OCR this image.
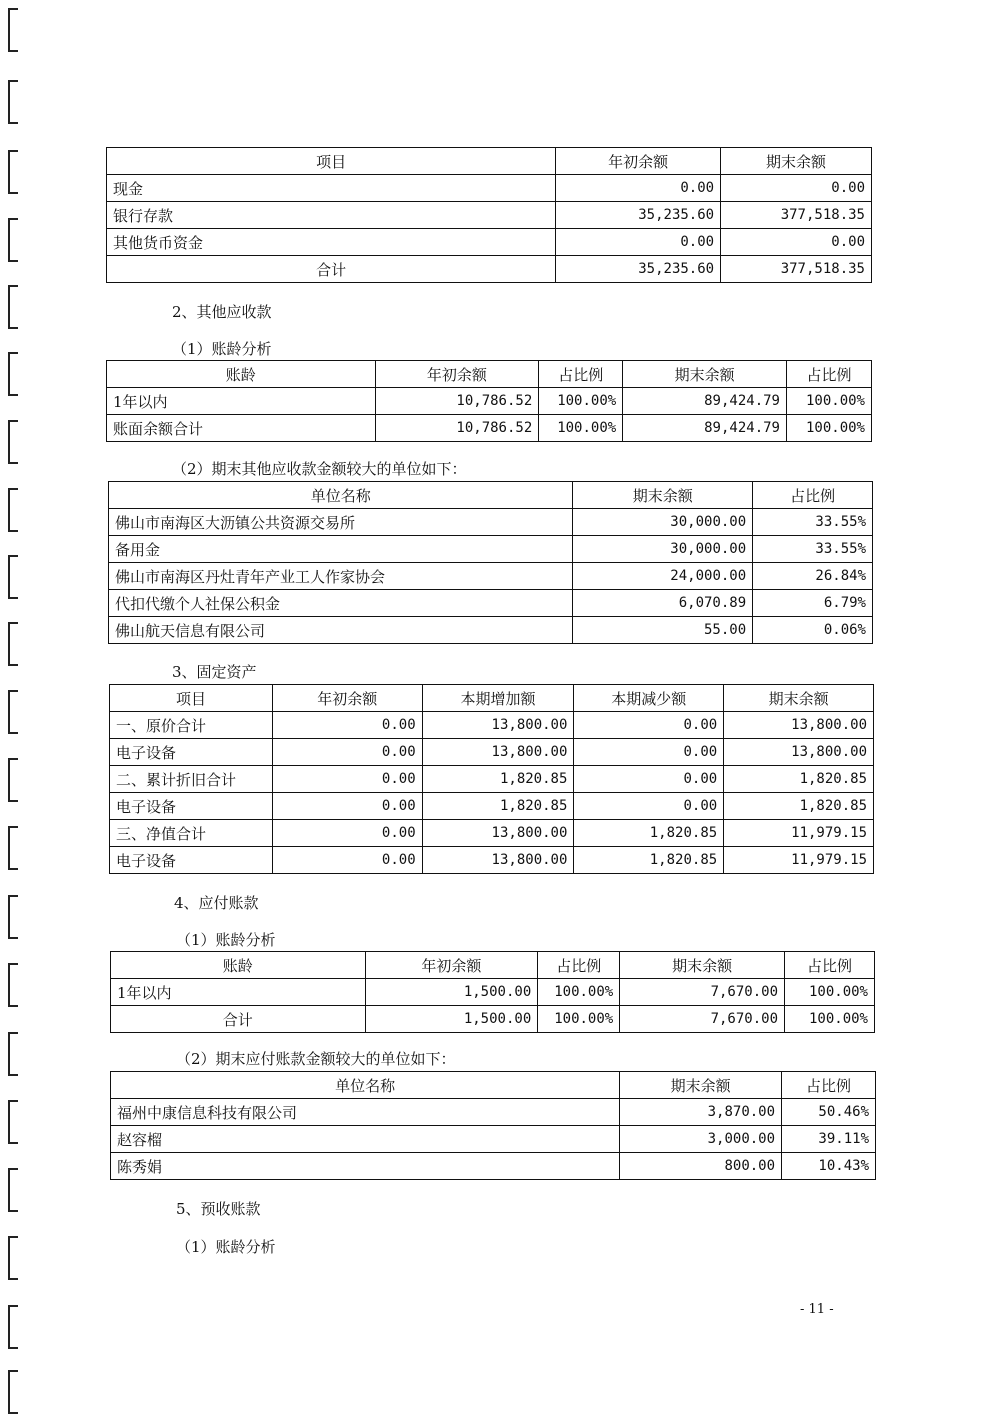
项目	年初余额	期末余额
现金	0.00	0.00
银行存款	35,235.60	377,518.35
其他货币资金	0.00	0.00
合计	35,235.60	377,518.35
2、其他应收款
（1）账龄分析
账龄	年初余额	占比例	期末余额	占比例
1年以内	10,786.52	100.00%	89,424.79	100.00%
账面余额合计	10,786.52	100.00%	89,424.79	100.00%
（2）期末其他应收款金额较大的单位如下：
单位名称	期末余额	占比例
佛山市南海区大沥镇公共资源交易所	30,000.00	33.55%
备用金	30,000.00	33.55%
佛山市南海区丹灶青年产业工人作家协会	24,000.00	26.84%
代扣代缴个人社保公积金	6,070.89	6.79%
佛山航天信息有限公司	55.00	0.06%
3、固定资产
项目	年初余额	本期增加额	本期减少额	期末余额
一、原价合计	0.00	13,800.00	0.00	13,800.00
电子设备	0.00	13,800.00	0.00	13,800.00
二、累计折旧合计	0.00	1,820.85	0.00	1,820.85
电子设备	0.00	1,820.85	0.00	1,820.85
三、净值合计	0.00	13,800.00	1,820.85	11,979.15
电子设备	0.00	13,800.00	1,820.85	11,979.15
4、应付账款
（1）账龄分析
账龄	年初余额	占比例	期末余额	占比例
1年以内	1,500.00	100.00%	7,670.00	100.00%
合计	1,500.00	100.00%	7,670.00	100.00%
（2）期末应付账款金额较大的单位如下：
单位名称	期末余额	占比例
福州中康信息科技有限公司	3,870.00	50.46%
赵容榴	3,000.00	39.11%
陈秀娟	800.00	10.43%
5、预收账款
（1）账龄分析
- 11 -
